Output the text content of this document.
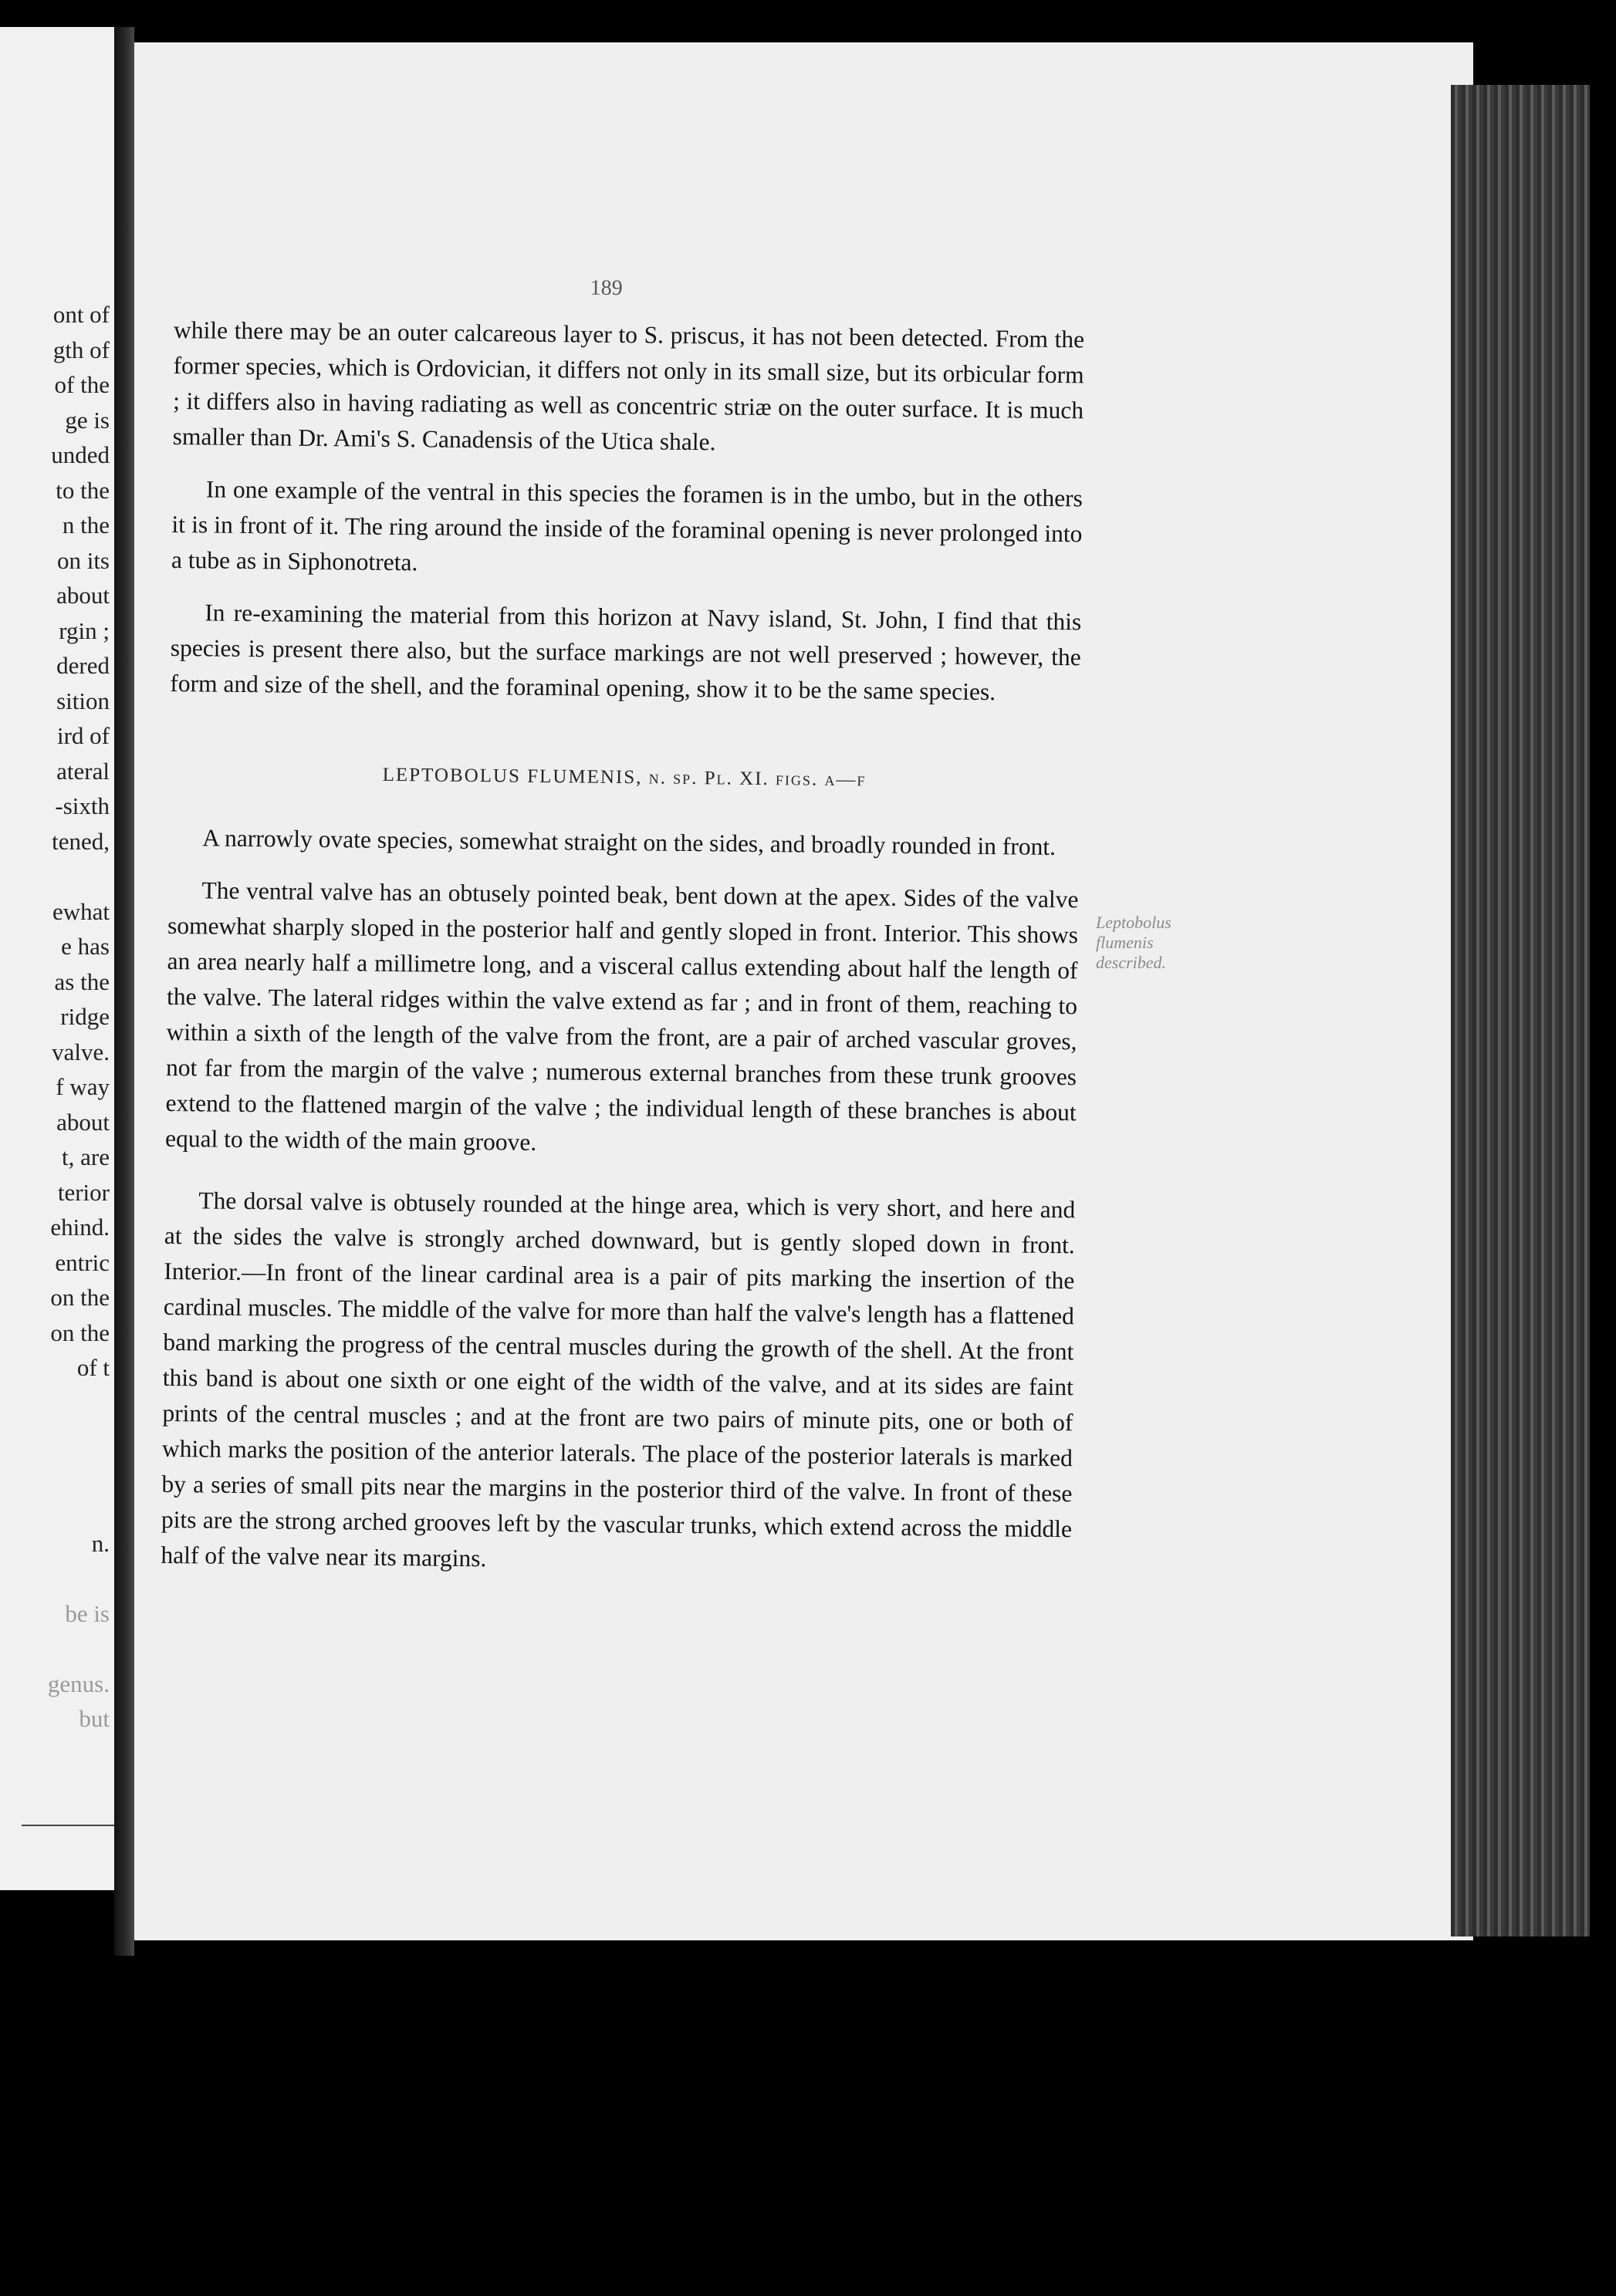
ont of
gth of
of the
ge is
unded
to the
n the
on its
about
rgin ;
dered
sition
ird of
ateral
-sixth
tened,
ewhat
e has
as the
ridge
valve.
f way
about
t, are
terior
ehind.
entric
on the
on the
of t
n.
be is
genus.
but
189

while there may be an outer calcareous layer to S. priscus, it has not been detected. From the former species, which is Ordovician, it differs not only in its small size, but its orbicular form ; it differs also in having radiating as well as concentric striæ on the outer surface. It is much smaller than Dr. Ami's S. Canadensis of the Utica shale.

In one example of the ventral in this species the foramen is in the umbo, but in the others it is in front of it. The ring around the inside of the foraminal opening is never prolonged into a tube as in Siphonotreta.

In re-examining the material from this horizon at Navy island, St. John, I find that this species is present there also, but the surface markings are not well preserved ; however, the form and size of the shell, and the foraminal opening, show it to be the same species.

LEPTOBOLUS FLUMENIS, n. sp. Pl. XI. figs. a—f

A narrowly ovate species, somewhat straight on the sides, and broadly rounded in front.

The ventral valve has an obtusely pointed beak, bent down at the apex. Sides of the valve somewhat sharply sloped in the posterior half and gently sloped in front. Interior. This shows an area nearly half a millimetre long, and a visceral callus extending about half the length of the valve. The lateral ridges within the valve extend as far ; and in front of them, reaching to within a sixth of the length of the valve from the front, are a pair of arched vascular groves, not far from the margin of the valve ; numerous external branches from these trunk grooves extend to the flattened margin of the valve ; the individual length of these branches is about equal to the width of the main groove.

The dorsal valve is obtusely rounded at the hinge area, which is very short, and here and at the sides the valve is strongly arched downward, but is gently sloped down in front. Interior.—In front of the linear cardinal area is a pair of pits marking the insertion of the cardinal muscles. The middle of the valve for more than half the valve's length has a flattened band marking the progress of the central muscles during the growth of the shell. At the front this band is about one sixth or one eight of the width of the valve, and at its sides are faint prints of the central muscles ; and at the front are two pairs of minute pits, one or both of which marks the position of the anterior laterals. The place of the posterior laterals is marked by a series of small pits near the margins in the posterior third of the valve. In front of these pits are the strong arched grooves left by the vascular trunks, which extend across the middle half of the valve near its margins.

Leptobolus
flumenis
described.
